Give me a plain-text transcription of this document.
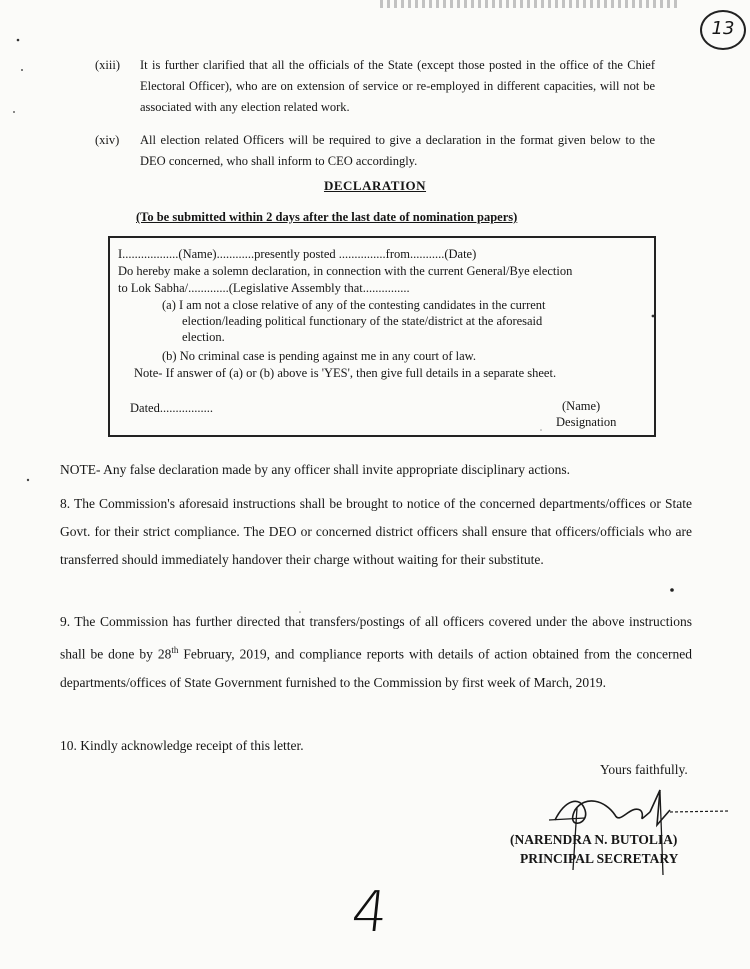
13
(xiii) It is further clarified that all the officials of the State (except those posted in the office of the Chief Electoral Officer), who are on extension of service or re-employed in different capacities, will not be associated with any election related work.
(xiv) All election related Officers will be required to give a declaration in the format given below to the DEO concerned, who shall inform to CEO accordingly.
DECLARATION
(To be submitted within 2 days after the last date of nomination papers)
I..................(Name)............presently posted ...............from...........(Date)
Do hereby make a solemn declaration, in connection with the current General/Bye election
to Lok Sabha/.............(Legislative Assembly that...............
(a) I am not a close relative of any of the contesting candidates in the current
election/leading political functionary of the state/district at the aforesaid
election.
(b) No criminal case is pending against me in any court of law.
Note- If answer of (a) or (b) above is 'YES', then give full details in a separate sheet.
Dated.................	(Name)
Designation
NOTE- Any false declaration made by any officer shall invite appropriate disciplinary actions.
8. The Commission's aforesaid instructions shall be brought to notice of the concerned departments/offices or State Govt. for their strict compliance. The DEO or concerned district officers shall ensure that officers/officials who are transferred should immediately handover their charge without waiting for their substitute.
9. The Commission has further directed that transfers/postings of all officers covered under the above instructions shall be done by 28th February, 2019, and compliance reports with details of action obtained from the concerned departments/offices of State Government furnished to the Commission by first week of March, 2019.
10. Kindly acknowledge receipt of this letter.
Yours faithfully.
(NARENDRA N. BUTOLIA)
PRINCIPAL SECRETARY
4
